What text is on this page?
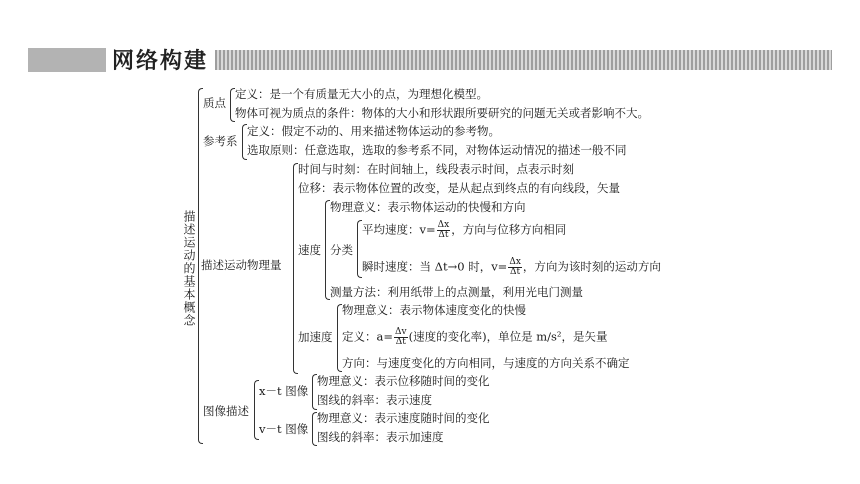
网络构建
描述运动的基本概念
质点
定义：是一个有质量无大小的点，为理想化模型。
物体可视为质点的条件：物体的大小和形状跟所要研究的问题无关或者影响不大。
参考系
定义：假定不动的、用来描述物体运动的参考物。
选取原则：任意选取，选取的参考系不同，对物体运动情况的描述一般不同
描述运动物理量
时间与时刻：在时间轴上，线段表示时间，点表示时刻
位移：表示物体位置的改变，是从起点到终点的有向线段，矢量
速度
物理意义：表示物体运动的快慢和方向
分类
平均速度：$v= \frac{\Delta x}{\Delta t}$ ，方向与位移方向相同
瞬时速度：当 Δt→0 时，$v= \frac{\Delta x}{\Delta t}$ ，方向为该时刻的运动方向
测量方法：利用纸带上的点测量，利用光电门测量
加速度
物理意义：表示物体速度变化的快慢
定义：$a= \frac{\Delta v}{\Delta t}$ (速度的变化率)，单位是 m/s²，是矢量
方向：与速度变化的方向相同，与速度的方向关系不确定
图像描述
x－t 图像
物理意义：表示位移随时间的变化
图线的斜率：表示速度
v－t 图像
物理意义：表示速度随时间的变化
图线的斜率：表示加速度
